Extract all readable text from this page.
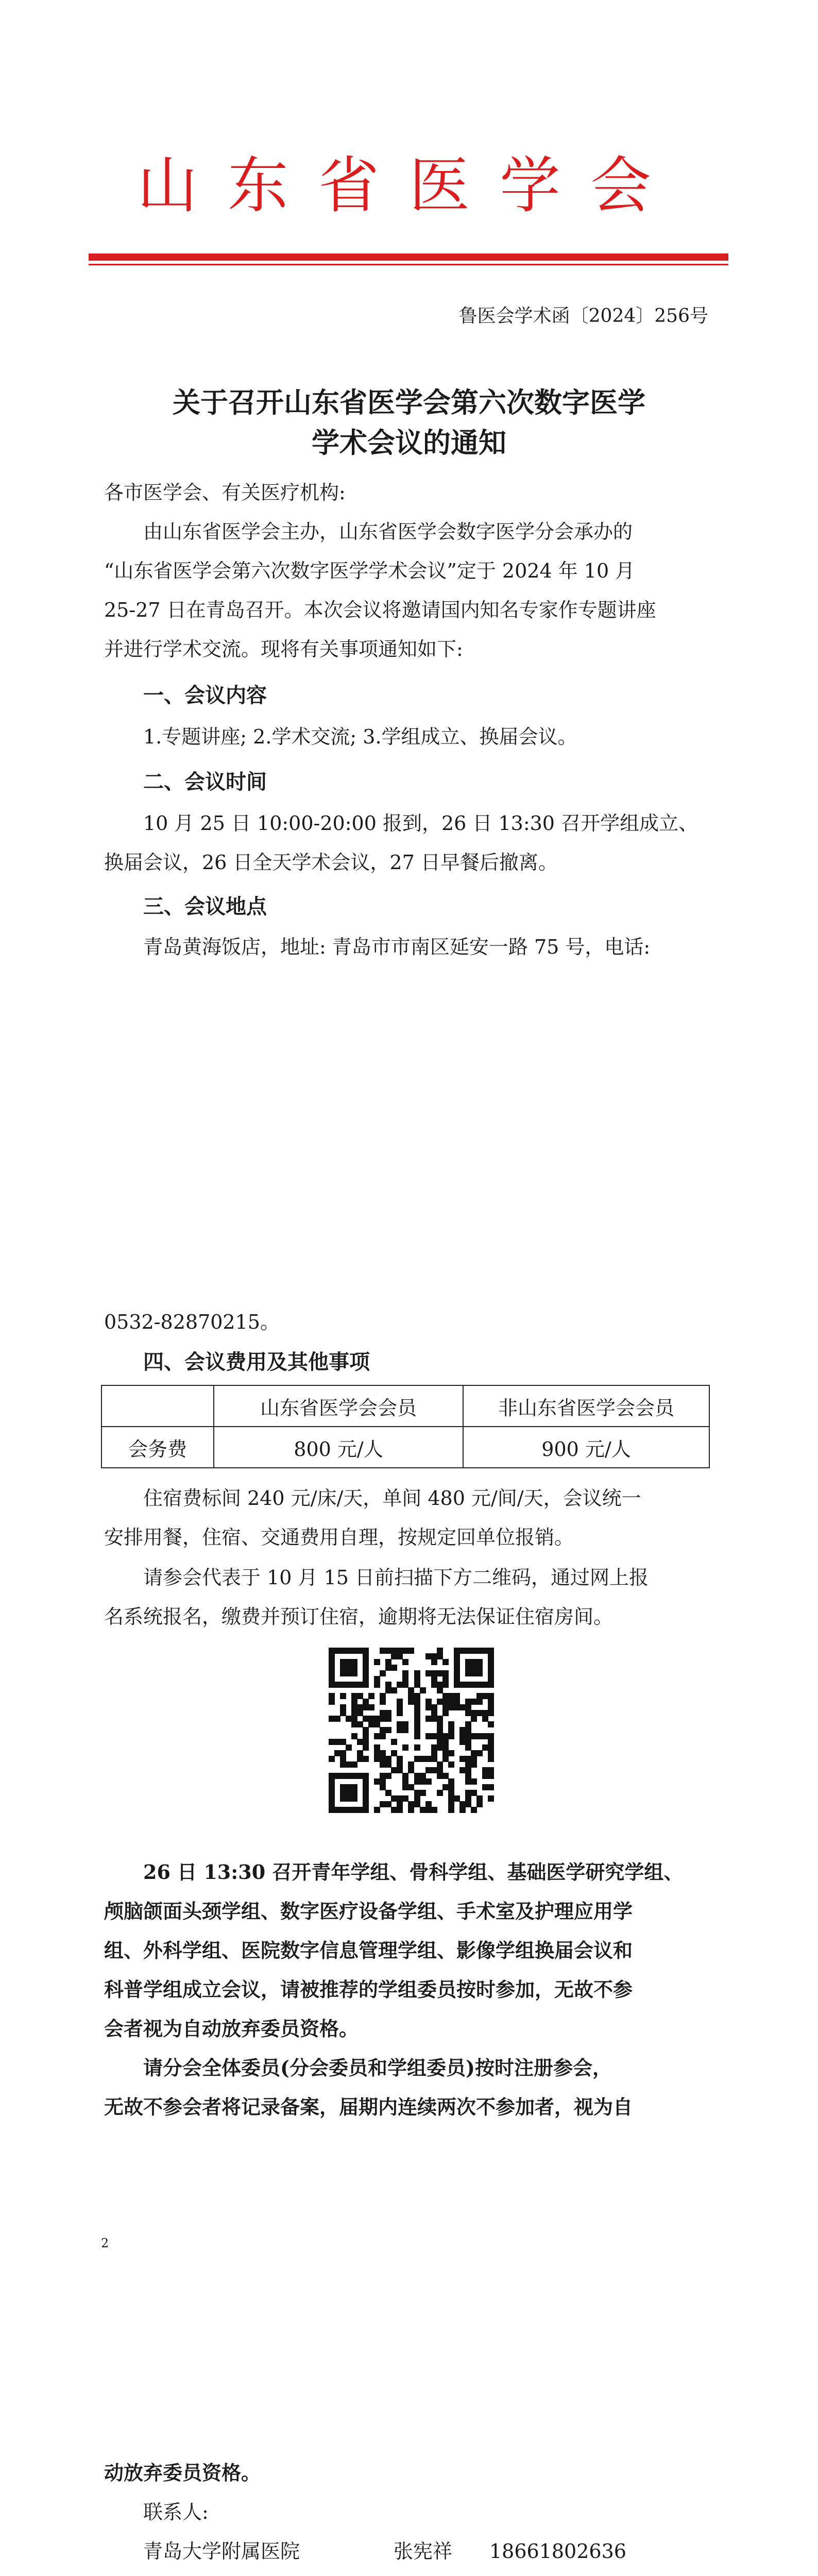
山东省医学会
鲁医会学术函〔2024〕256号
关于召开山东省医学会第六次数字医学
学术会议的通知
各市医学会、有关医疗机构:
由山东省医学会主办，山东省医学会数字医学分会承办的
“山东省医学会第六次数字医学学术会议”定于 2024 年 10 月
25-27 日在青岛召开。本次会议将邀请国内知名专家作专题讲座
并进行学术交流。现将有关事项通知如下:
一、会议内容
1.专题讲座; 2.学术交流; 3.学组成立、换届会议。
二、会议时间
10 月 25 日 10:00-20:00 报到，26 日 13:30 召开学组成立、
换届会议，26 日全天学术会议，27 日早餐后撤离。
三、会议地点
青岛黄海饭店，地址: 青岛市市南区延安一路 75 号，电话:
0532-82870215。
四、会议费用及其他事项
	山东省医学会会员	非山东省医学会会员
会务费	800 元/人	900 元/人
住宿费标间 240 元/床/天，单间 480 元/间/天，会议统一
安排用餐，住宿、交通费用自理，按规定回单位报销。
请参会代表于 10 月 15 日前扫描下方二维码，通过网上报
名系统报名，缴费并预订住宿，逾期将无法保证住宿房间。
26 日 13:30 召开青年学组、骨科学组、基础医学研究学组、
颅脑颌面头颈学组、数字医疗设备学组、手术室及护理应用学
组、外科学组、医院数字信息管理学组、影像学组换届会议和
科普学组成立会议，请被推荐的学组委员按时参加，无故不参
会者视为自动放弃委员资格。
请分会全体委员(分会委员和学组委员)按时注册参会，
无故不参会者将记录备案，届期内连续两次不参加者，视为自
2
动放弃委员资格。
联系人:
青岛大学附属医院	张宪祥 18661802636
